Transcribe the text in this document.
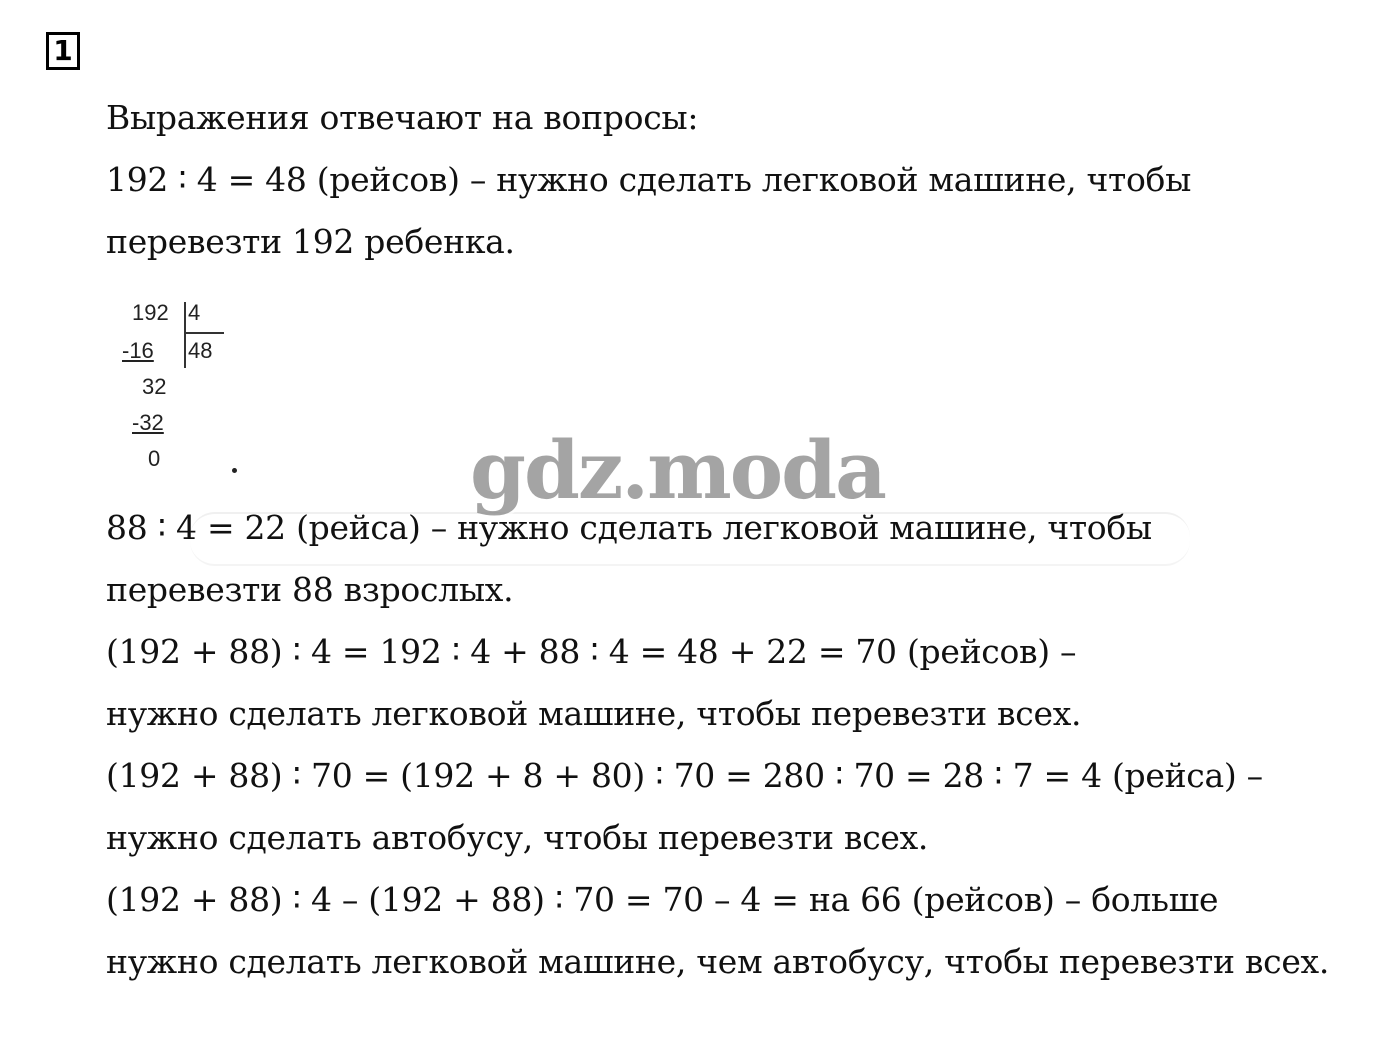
1
Выражения отвечают на вопросы:
192 ∶ 4 = 48 (рейсов) – нужно сделать легковой машине, чтобы
перевезти 192 ребенка.
192 4
-16 48
32
-32
0
88 ∶ 4 = 22 (рейса) – нужно сделать легковой машине, чтобы
перевезти 88 взрослых.
(192 + 88) ∶ 4 = 192 ∶ 4 + 88 ∶ 4 = 48 + 22 = 70 (рейсов) –
нужно сделать легковой машине, чтобы перевезти всех.
(192 + 88) ∶ 70 = (192 + 8 + 80) ∶ 70 = 280 ∶ 70 = 28 ∶ 7 = 4 (рейса) –
нужно сделать автобусу, чтобы перевезти всех.
(192 + 88) ∶ 4 – (192 + 88) ∶ 70 = 70 – 4 = на 66 (рейсов) – больше
нужно сделать легковой машине, чем автобусу, чтобы перевезти всех.
gdz.moda
